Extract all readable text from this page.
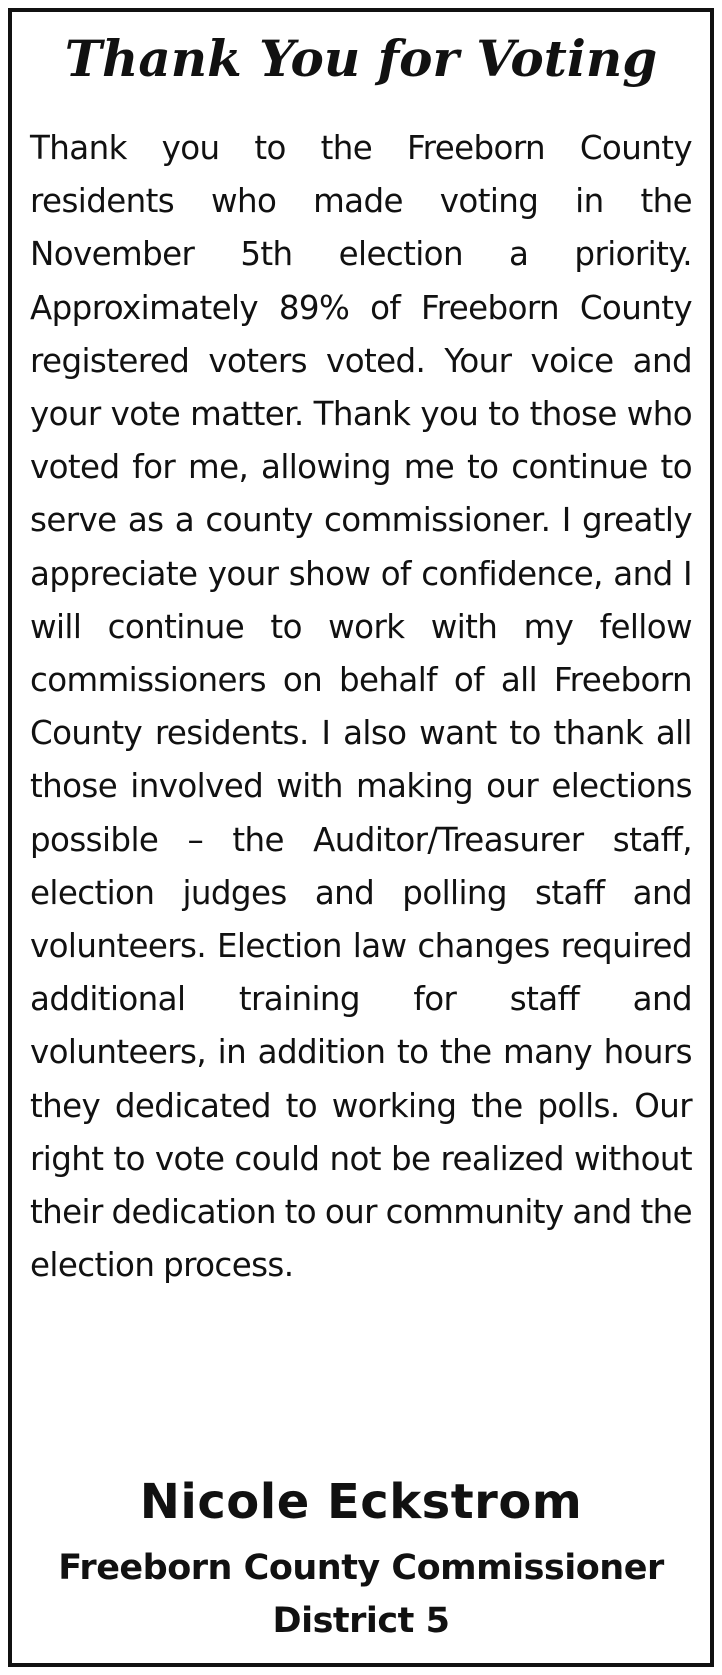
Thank You for Voting
Thank you to the Freeborn County residents who made voting in the November 5th election a priority. Approximately 89% of Freeborn County registered voters voted. Your voice and your vote matter. Thank you to those who voted for me, allowing me to continue to serve as a county commissioner. I greatly appreciate your show of confidence, and I will continue to work with my fellow commissioners on behalf of all Freeborn County residents. I also want to thank all those involved with making our elections possible – the Auditor/Treasurer staff, election judges and polling staff and volunteers. Election law changes required additional training for staff and volunteers, in addition to the many hours they dedicated to working the polls. Our right to vote could not be realized without their dedication to our community and the election process.
Nicole Eckstrom
Freeborn County Commissioner
District 5
